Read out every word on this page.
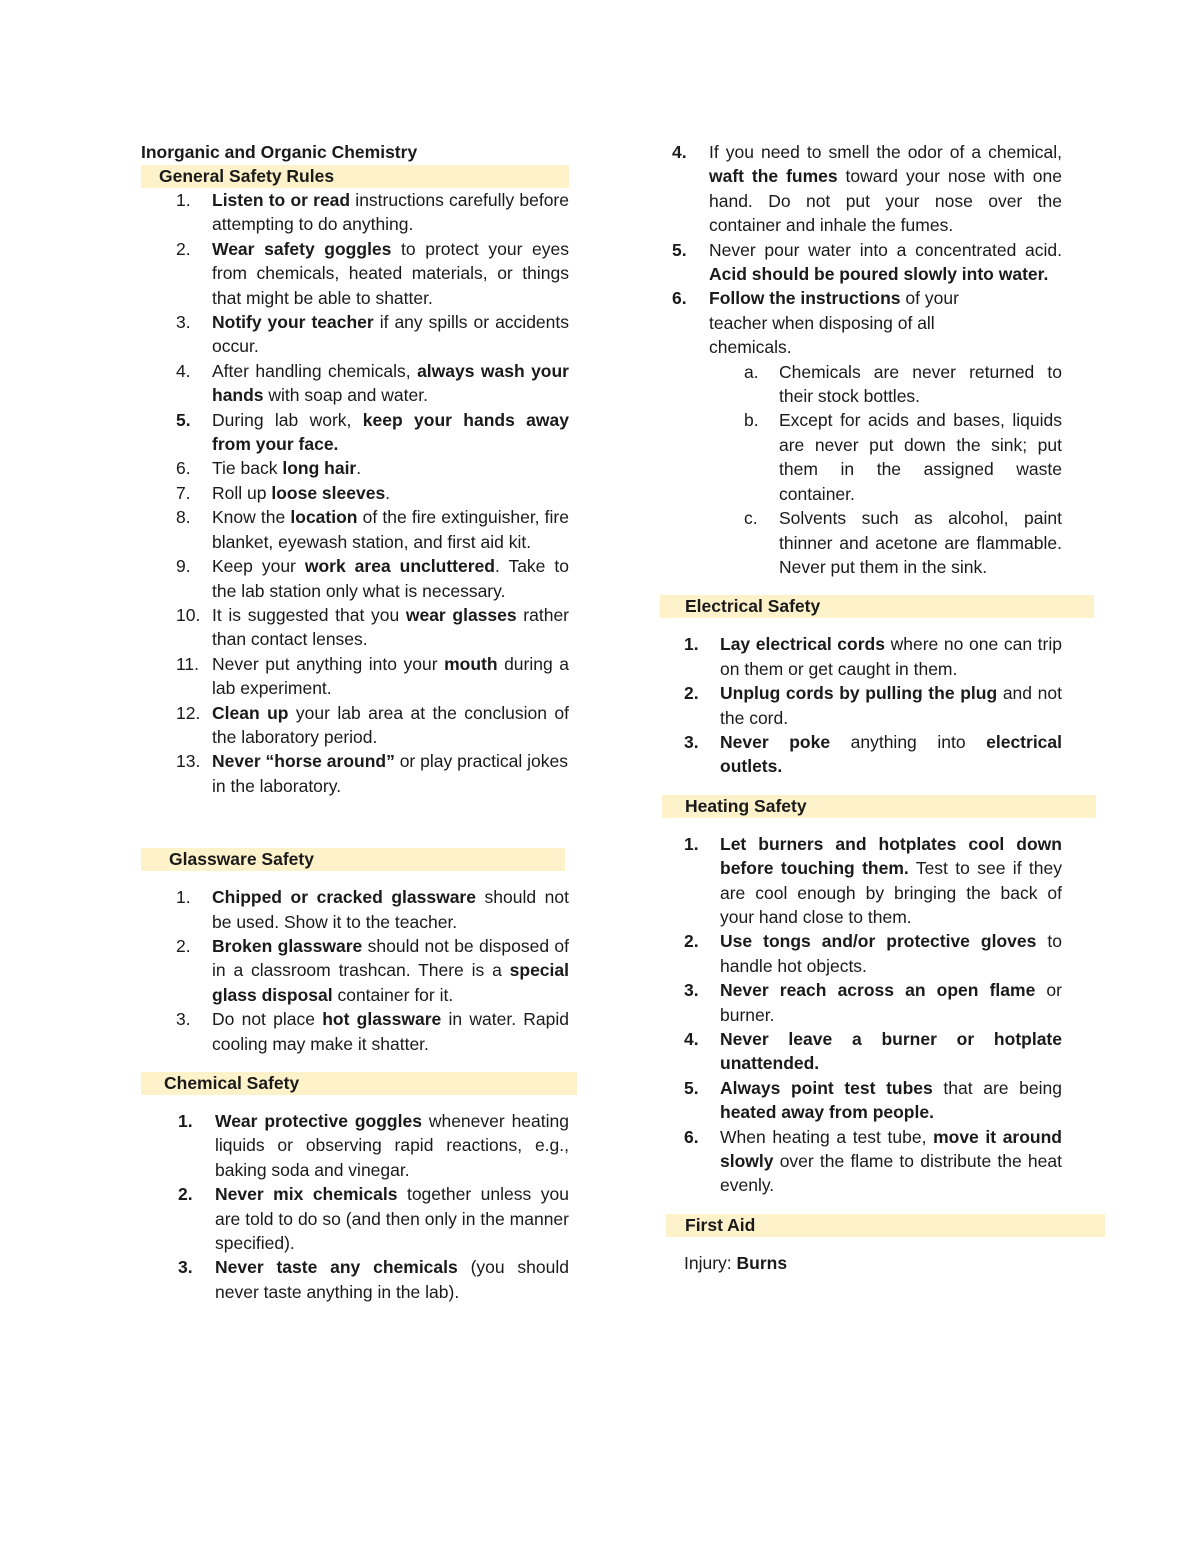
Inorganic and Organic Chemistry
General Safety Rules
1. Listen to or read instructions carefully before attempting to do anything.
2. Wear safety goggles to protect your eyes from chemicals, heated materials, or things that might be able to shatter.
3. Notify your teacher if any spills or accidents occur.
4. After handling chemicals, always wash your hands with soap and water.
5. During lab work, keep your hands away from your face.
6. Tie back long hair.
7. Roll up loose sleeves.
8. Know the location of the fire extinguisher, fire blanket, eyewash station, and first aid kit.
9. Keep your work area uncluttered. Take to the lab station only what is necessary.
10. It is suggested that you wear glasses rather than contact lenses.
11. Never put anything into your mouth during a lab experiment.
12. Clean up your lab area at the conclusion of the laboratory period.
13. Never “horse around” or play practical jokes in the laboratory.
Glassware Safety
1. Chipped or cracked glassware should not be used. Show it to the teacher.
2. Broken glassware should not be disposed of in a classroom trashcan. There is a special glass disposal container for it.
3. Do not place hot glassware in water. Rapid cooling may make it shatter.
Chemical Safety
1. Wear protective goggles whenever heating liquids or observing rapid reactions, e.g., baking soda and vinegar.
2. Never mix chemicals together unless you are told to do so (and then only in the manner specified).
3. Never taste any chemicals (you should never taste anything in the lab).
4. If you need to smell the odor of a chemical, waft the fumes toward your nose with one hand. Do not put your nose over the container and inhale the fumes.
5. Never pour water into a concentrated acid. Acid should be poured slowly into water.
6. Follow the instructions of your teacher when disposing of all chemicals.
a. Chemicals are never returned to their stock bottles.
b. Except for acids and bases, liquids are never put down the sink; put them in the assigned waste container.
c. Solvents such as alcohol, paint thinner and acetone are flammable. Never put them in the sink.
Electrical Safety
1. Lay electrical cords where no one can trip on them or get caught in them.
2. Unplug cords by pulling the plug and not the cord.
3. Never poke anything into electrical outlets.
Heating Safety
1. Let burners and hotplates cool down before touching them. Test to see if they are cool enough by bringing the back of your hand close to them.
2. Use tongs and/or protective gloves to handle hot objects.
3. Never reach across an open flame or burner.
4. Never leave a burner or hotplate unattended.
5. Always point test tubes that are being heated away from people.
6. When heating a test tube, move it around slowly over the flame to distribute the heat evenly.
First Aid
Injury: Burns
